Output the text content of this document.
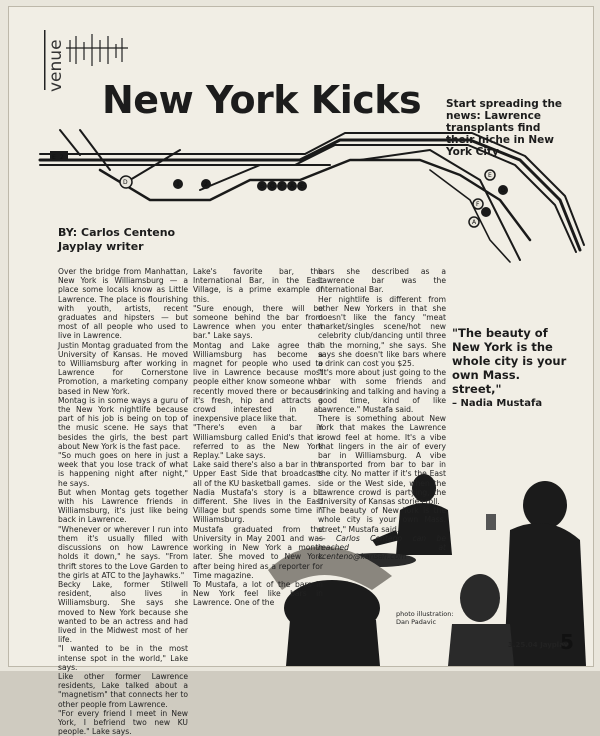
E 2
D	1	2	B G F A E
E
D
F
A
venue
New York Kicks Start spreading the news: Lawrence transplants find their niche in New York City
BY: Carlos Centeno
Jayplay writer

Over the bridge from Manhattan, New York is Williamsburg — a place some locals know as Little Lawrence. The place is flourishing with youth, artists, recent graduates and hipsters — but most of all people who used to live in Lawrence.

Justin Montag graduated from the University of Kansas. He moved to Williamsburg after working in Lawrence for Cornerstone Promotion, a marketing company based in New York.

Montag is in some ways a guru of the New York nightlife because part of his job is being on top of the music scene. He says that besides the girls, the best part about New York is the fast pace.

"So much goes on here in just a week that you lose track of what is happening night after night," he says.

But when Montag gets together with his Lawrence friends in Williamsburg, it's just like being back in Lawrence.

"Whenever or wherever I run into them it's usually filled with discussions on how Lawrence holds it down," he says. "From thrift stores to the Love Garden to the girls at ATC to the Jayhawks."

Becky Lake, former Stilwell resident, also lives in Williamsburg. She says she moved to New York because she wanted to be an actress and had lived in the Midwest most of her life.

"I wanted to be in the most intense spot in the world," Lake says.

Like other former Lawrence residents, Lake talked about a "magnetism" that connects her to other people from Lawrence.

"For every friend I meet in New York, I befriend two new KU people." Lake says.

Lake's favorite bar, the International Bar, in the East Village, is a prime example of this.

"Sure enough, there will be someone behind the bar from Lawrence when you enter that bar." Lake says.

Montag and Lake agree that Williamsburg has become a magnet for people who used to live in Lawrence because most people either know someone who recently moved there or because it's fresh, hip and attracts a crowd interested in an inexpensive place like that.

"There's even a bar in Williamsburg called Enid's that is referred to as the New York Replay." Lake says.

Lake said there's also a bar in the Upper East Side that broadcasts all of the KU basketball games.

Nadia Mustafa's story is a bit different. She lives in the East Village but spends some time in Williamsburg.

Mustafa graduated from the University in May 2001 and was working in New York a month later. She moved to New York after being hired as a reporter for Time magazine.

To Mustafa, a lot of the bars in New York feel like bars in Lawrence. One of the

bars she described as a Lawrence bar was the International Bar.

Her nightlife is different from other New Yorkers in that she doesn't like the fancy "meat market/singles scene/hot new celebrity club/dancing until three in the morning," she says. She says she doesn't like bars where a drink can cost you $25.

"It's more about just going to the bar with some friends and drinking and talking and having a good time, kind of like Lawrence." Mustafa said.

There is something about New York that makes the Lawrence crowd feel at home. It's a vibe that lingers in the air of every bar in Williamsburg. A vibe transported from bar to bar in the city. No matter if it's the East side or the West side, when the Lawrence crowd is partying, the University of Kansas stories roll.

"The beauty of New York is the whole city is your own Mass. street," Mustafa said.

— Carlos Centeno can be reached at ccenteno@kansan.com

"The beauty of New York is the whole city is your own Mass. street,"
– Nadia Mustafa
photo illustration: Dan Padavic
3.25.04 Jayplay
5
